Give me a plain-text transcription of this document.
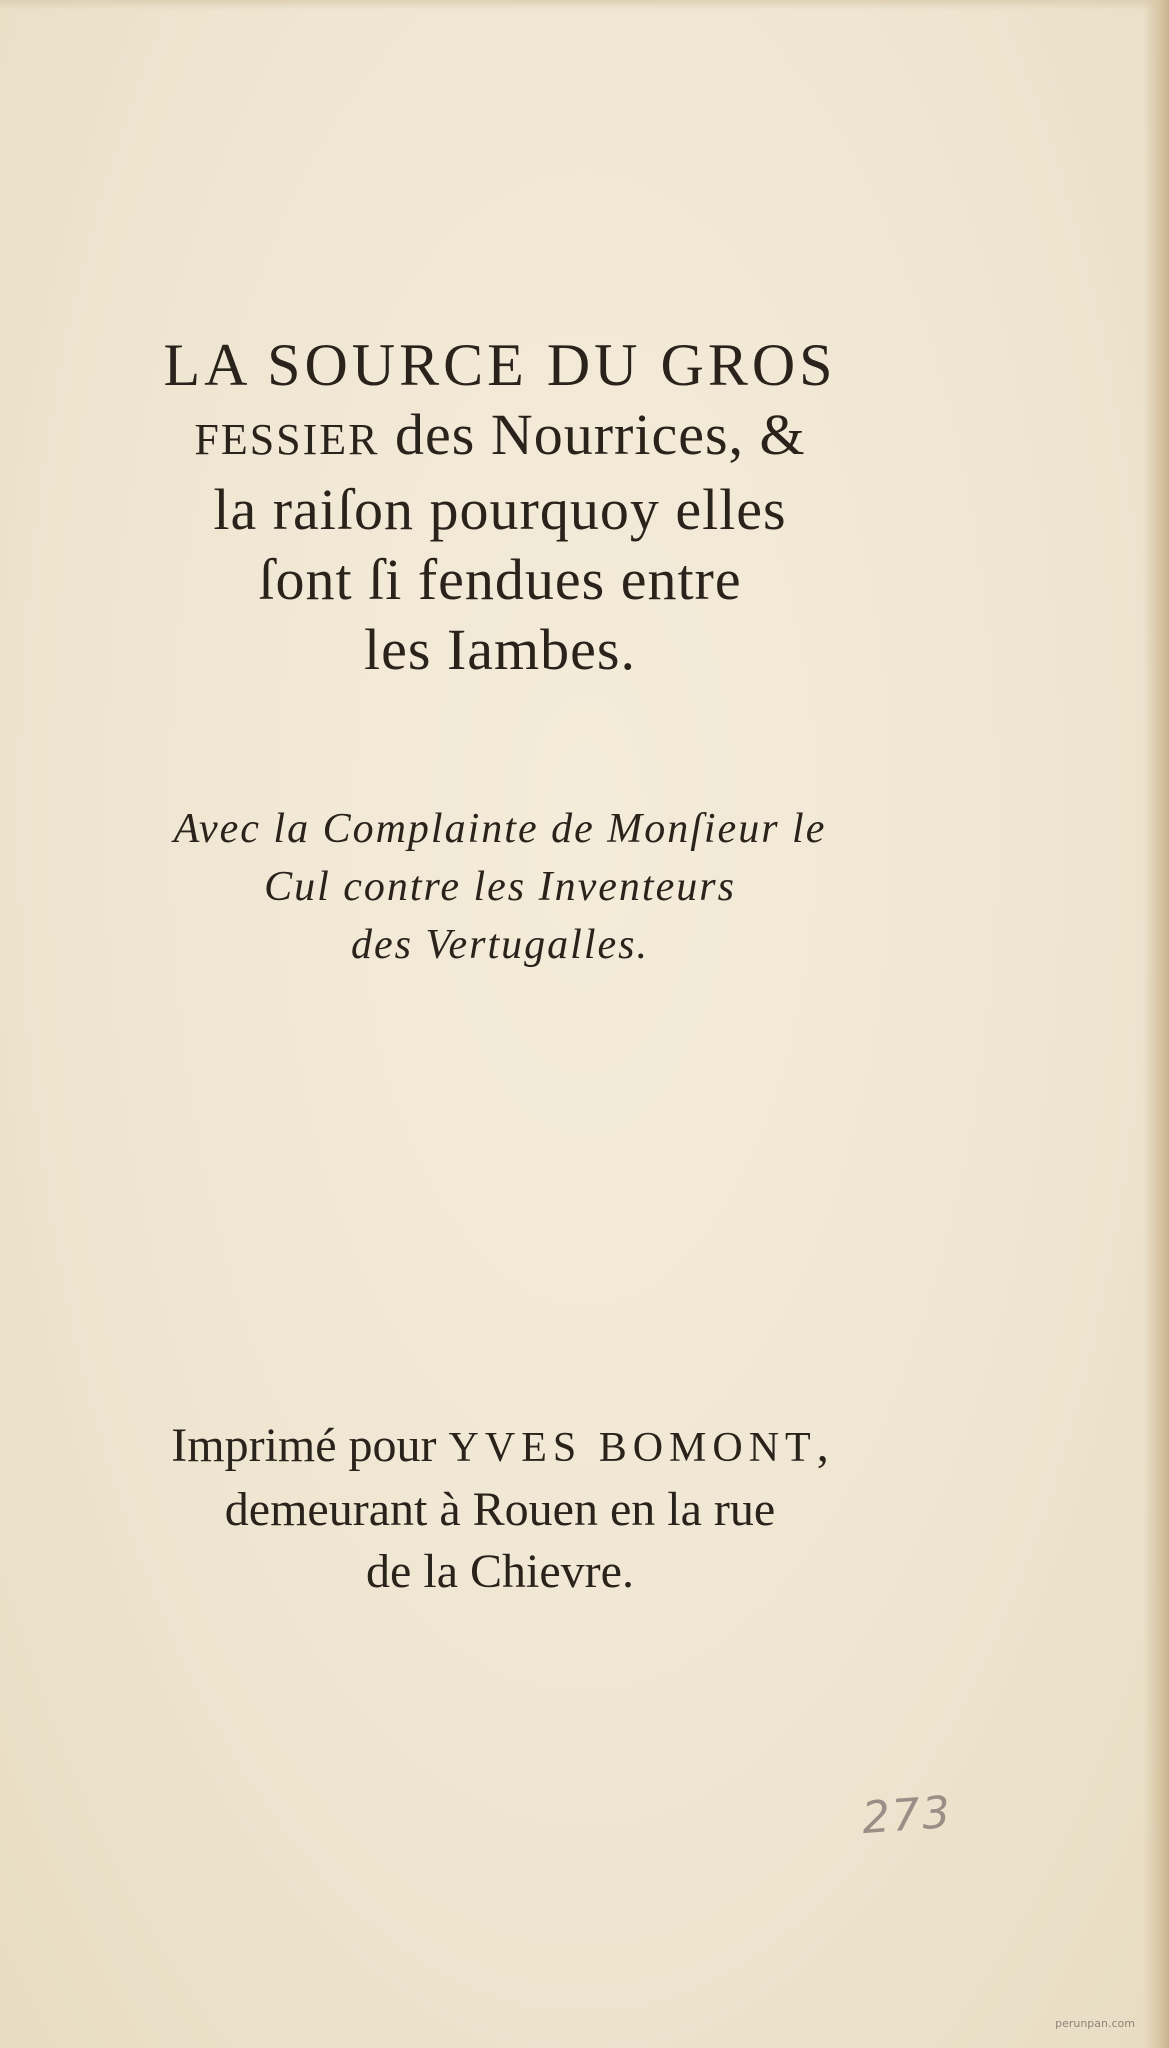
LA SOURCE DU GROS
FESSIER des Nourrices, &
la raiſon pourquoy elles
ſont ſi fendues entre
les Iambes.
Avec la Complainte de Monſieur le
Cul contre les Inventeurs
des Vertugalles.
Imprimé pour YVES BOMONT,
demeurant à Rouen en la rue
de la Chievre.
273
perunpan.com
